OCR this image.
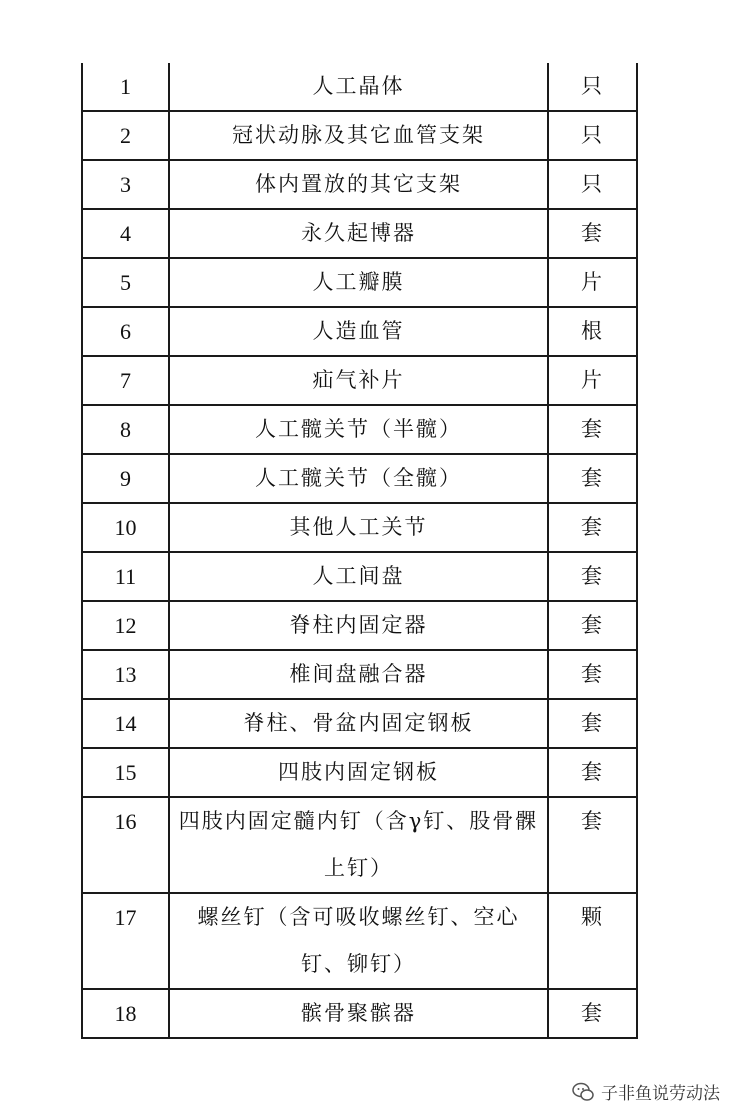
1	人工晶体	只
2	冠状动脉及其它血管支架	只
3	体内置放的其它支架	只
4	永久起博器	套
5	人工瓣膜	片
6	人造血管	根
7	疝气补片	片
8	人工髋关节（半髋）	套
9	人工髋关节（全髋）	套
10	其他人工关节	套
11	人工间盘	套
12	脊柱内固定器	套
13	椎间盘融合器	套
14	脊柱、骨盆内固定钢板	套
15	四肢内固定钢板	套
16	四肢内固定髓内钉（含γ钉、股骨髁上钉）	套
17	螺丝钉（含可吸收螺丝钉、空心钉、铆钉）	颗
18	髌骨聚髌器	套
子非鱼说劳动法
